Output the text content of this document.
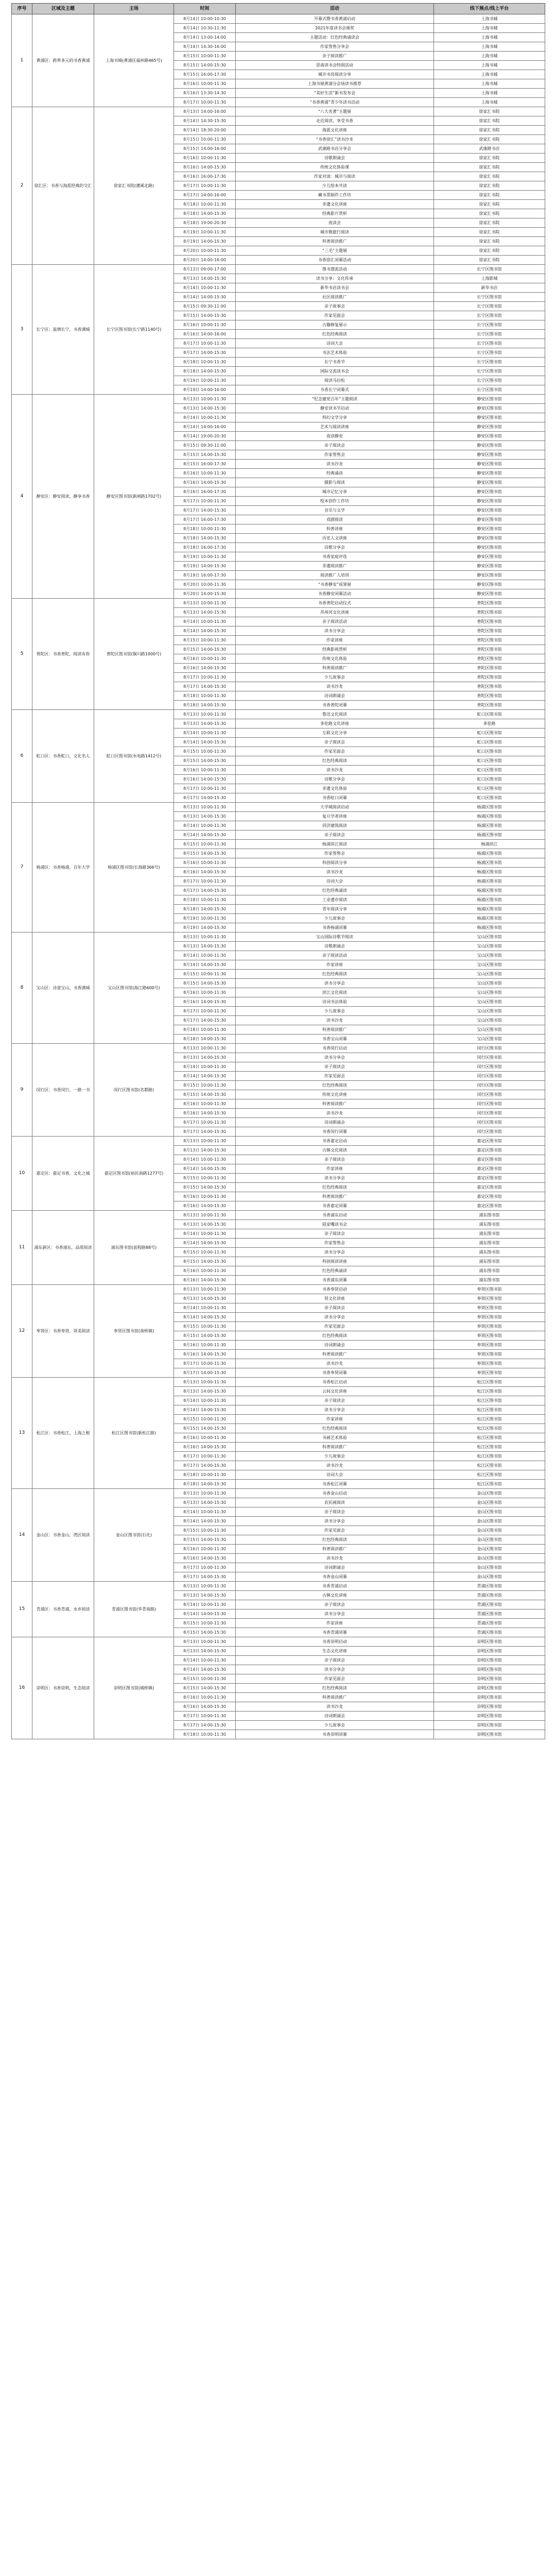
序号	区域及主题	主场	时间	活动	线下展点/线上平台
1	黄浦区：跨界多元的书香黄浦	上海书城(黄浦区福州路465号)	8月14日 10:00-10:30	开幕式暨书香黄浦启动	上海书城
			8月14日 10:30-11:30	2021年度读书会颁奖	上海书城
			8月14日 13:00-14:00	主题活动：红色经典诵读会	上海书城
			8月14日 14:30-16:00	作家签售分享会	上海书城
			8月15日 10:00-11:30	亲子阅读推广	上海书城
			8月15日 14:00-15:30	思南读书会特别活动	上海书城
			8月15日 16:00-17:30	城市书房阅读分享	上海书城
			8月16日 10:00-11:30	上海书展黄浦分会场读书推荐	上海书城
			8月16日 13:30-14:30	“美好生活”新书发布会	上海书城
			8月17日 10:00-11:30	“书香黄浦”青少年读书活动	上海书城
2	徐汇区：书香与海派经典的交汇	徐家汇书院(漕溪北路)	8月13日 14:00-16:00	“八大名著”主题展	徐家汇书院
			8月14日 14:30-15:30	走近阅读，享受书香	徐家汇书院
			8月14日 18:30-20:00	海派文化讲座	徐家汇书院
			8月15日 10:00-11:30	“书香徐汇”读书沙龙	徐家汇书院
			8月15日 14:00-16:00	武康路书店分享会	武康路书店
			8月16日 10:00-11:30	诗歌朗诵会	徐家汇书院
			8月16日 14:00-15:30	传统文化体验课	徐家汇书院
			8月16日 16:00-17:30	作家对谈：城市与阅读	徐家汇书院
			8月17日 10:00-11:30	少儿绘本共读	徐家汇书院
			8月17日 14:00-16:00	藏书票制作工作坊	徐家汇书院
			8月18日 10:00-11:30	非遗文化讲座	徐家汇书院
			8月18日 14:00-15:30	经典影片赏析	徐家汇书院
			8月18日 19:00-20:30	夜读会	徐家汇书院
			8月19日 10:00-11:30	城市微旅行阅读	徐家汇书院
			8月19日 14:00-15:30	科普阅读推广	徐家汇书院
			8月20日 10:00-11:30	“三毛”主题展	徐家汇书院
			8月20日 14:00-16:00	书香徐汇闭幕活动	徐家汇书院
3	长宁区：温情长宁，书香满城	长宁区图书馆(长宁路1140号)	8月13日 09:00-17:00	图书漂流活动	长宁区图书馆
			8月13日 14:00-15:30	读书分享：文化传承	上海影城
			8月14日 10:00-11:30	新华书店读书会	新华书店
			8月14日 14:00-15:30	社区阅读推广	长宁区图书馆
			8月15日 09:30-11:00	亲子故事会	长宁区图书馆
			8月15日 14:00-15:30	作家见面会	长宁区图书馆
			8月16日 10:00-11:30	古籍修复展示	长宁区图书馆
			8月16日 14:00-16:00	红色经典阅读	长宁区图书馆
			8月17日 10:00-11:30	诗词大会	长宁区图书馆
			8月17日 14:00-15:30	书法艺术体验	长宁区图书馆
			8月18日 10:00-11:30	长宁书香节	长宁区图书馆
			8月18日 14:00-15:30	国际交流读书会	长宁区图书馆
			8月19日 10:00-11:30	阅读马拉松	长宁区图书馆
			8月19日 14:00-16:00	书香长宁闭幕式	长宁区图书馆
4	静安区：静安阅读，静享书香	静安区图书馆(新闸路1702号)	8月13日 10:00-11:30	“纪念建党百年”主题阅读	静安区图书馆
			8月13日 14:00-15:30	静安读书节启动	静安区图书馆
			8月14日 10:00-11:30	科幻文学分享	静安区图书馆
			8月14日 14:00-16:00	艺术与阅读讲座	静安区图书馆
			8月14日 19:00-20:30	夜读静安	静安区图书馆
			8月15日 09:30-11:00	亲子阅读会	静安区图书馆
			8月15日 14:00-15:30	作家签售会	静安区图书馆
			8月15日 16:00-17:30	读书沙龙	静安区图书馆
			8月16日 10:00-11:30	经典诵读	静安区图书馆
			8月16日 14:00-15:30	摄影与阅读	静安区图书馆
			8月16日 16:00-17:30	城市记忆分享	静安区图书馆
			8月17日 10:00-11:30	绘本创作工作坊	静安区图书馆
			8月17日 14:00-15:30	音乐与文学	静安区图书馆
			8月17日 16:00-17:30	戏剧阅读	静安区图书馆
			8月18日 10:00-11:30	科普讲座	静安区图书馆
			8月18日 14:00-15:30	历史人文讲座	静安区图书馆
			8月18日 16:00-17:30	诗歌分享会	静安区图书馆
			8月19日 10:00-11:30	书香家庭评选	静安区图书馆
			8月19日 14:00-15:30	非遗阅读推广	静安区图书馆
			8月19日 16:00-17:30	阅读推广人培训	静安区图书馆
			8月20日 10:00-11:30	“书香静安”成果展	静安区图书馆
			8月20日 14:00-15:30	书香静安闭幕活动	静安区图书馆
5	普陀区：书香普陀，阅读有你	普陀区图书馆(铜川路1000号)	8月13日 10:00-11:30	书香普陀启动仪式	普陀区图书馆
			8月13日 14:00-15:30	苏州河文化讲座	普陀区图书馆
			8月14日 10:00-11:30	亲子阅读活动	普陀区图书馆
			8月14日 14:00-15:30	读书分享会	普陀区图书馆
			8月15日 10:00-11:30	作家讲座	普陀区图书馆
			8月15日 14:00-15:30	经典影视赏析	普陀区图书馆
			8月16日 10:00-11:30	传统文化体验	普陀区图书馆
			8月16日 14:00-15:30	科普阅读推广	普陀区图书馆
			8月17日 10:00-11:30	少儿故事会	普陀区图书馆
			8月17日 14:00-15:30	读书沙龙	普陀区图书馆
			8月18日 10:00-11:30	诗词朗诵会	普陀区图书馆
			8月18日 14:00-15:30	书香普陀闭幕	普陀区图书馆
6	虹口区：书香虹口，文化名人	虹口区图书馆(水电路1412号)	8月13日 10:00-11:30	鲁迅文化阅读	虹口区图书馆
			8月13日 14:00-15:30	多伦路文化讲座	多伦路
			8月14日 10:00-11:30	左联文化分享	虹口区图书馆
			8月14日 14:00-15:30	亲子阅读会	虹口区图书馆
			8月15日 10:00-11:30	作家见面会	虹口区图书馆
			8月15日 14:00-15:30	红色经典阅读	虹口区图书馆
			8月16日 10:00-11:30	读书沙龙	虹口区图书馆
			8月16日 14:00-15:30	诗歌分享会	虹口区图书馆
			8月17日 10:00-11:30	非遗文化体验	虹口区图书馆
			8月17日 14:00-15:30	书香虹口闭幕	虹口区图书馆
7	杨浦区：书香杨浦，百年大学	杨浦区图书馆(长海路366号)	8月13日 10:00-11:30	大学城阅读启动	杨浦区图书馆
			8月13日 14:00-15:30	复旦学者讲座	杨浦区图书馆
			8月14日 10:00-11:30	同济建筑阅读	杨浦区图书馆
			8月14日 14:00-15:30	亲子阅读会	杨浦区图书馆
			8月15日 10:00-11:30	杨浦滨江阅读	杨浦滨江
			8月15日 14:00-15:30	作家签售会	杨浦区图书馆
			8月16日 10:00-11:30	科创阅读分享	杨浦区图书馆
			8月16日 14:00-15:30	读书沙龙	杨浦区图书馆
			8月17日 10:00-11:30	诗词大会	杨浦区图书馆
			8月17日 14:00-15:30	红色经典诵读	杨浦区图书馆
			8月18日 10:00-11:30	工业遗存阅读	杨浦区图书馆
			8月18日 14:00-15:30	青年阅读分享	杨浦区图书馆
			8月19日 10:00-11:30	少儿故事会	杨浦区图书馆
			8月19日 14:00-15:30	书香杨浦闭幕	杨浦区图书馆
8	宝山区：诗意宝山，书香满城	宝山区图书馆(海江路600号)	8月13日 10:00-11:30	宝山国际诗歌节阅读	宝山区图书馆
			8月13日 14:00-15:30	诗歌朗诵会	宝山区图书馆
			8月14日 10:00-11:30	亲子阅读活动	宝山区图书馆
			8月14日 14:00-15:30	作家讲座	宝山区图书馆
			8月15日 10:00-11:30	红色经典阅读	宝山区图书馆
			8月15日 14:00-15:30	读书分享会	宝山区图书馆
			8月16日 10:00-11:30	滨江文化阅读	宝山区图书馆
			8月16日 14:00-15:30	诗词书法体验	宝山区图书馆
			8月17日 10:00-11:30	少儿故事会	宝山区图书馆
			8月17日 14:00-15:30	读书沙龙	宝山区图书馆
			8月18日 10:00-11:30	科普阅读推广	宝山区图书馆
			8月18日 14:00-15:30	书香宝山闭幕	宝山区图书馆
9	闵行区：书香闵行，一路一书	闵行区图书馆(名都路)	8月13日 10:00-11:30	书香闵行启动	闵行区图书馆
			8月13日 14:00-15:30	读书分享会	闵行区图书馆
			8月14日 10:00-11:30	亲子阅读会	闵行区图书馆
			8月14日 14:00-15:30	作家见面会	闵行区图书馆
			8月15日 10:00-11:30	红色经典阅读	闵行区图书馆
			8月15日 14:00-15:30	传统文化讲座	闵行区图书馆
			8月16日 10:00-11:30	科普阅读推广	闵行区图书馆
			8月16日 14:00-15:30	读书沙龙	闵行区图书馆
			8月17日 10:00-11:30	诗词朗诵会	闵行区图书馆
			8月17日 14:00-15:30	书香闵行闭幕	闵行区图书馆
10	嘉定区：嘉定书香，文化之城	嘉定区图书馆(裕民南路1277号)	8月13日 10:00-11:30	书香嘉定启动	嘉定区图书馆
			8月13日 14:00-15:30	古镇文化阅读	嘉定区图书馆
			8月14日 10:00-11:30	亲子阅读会	嘉定区图书馆
			8月14日 14:00-15:30	作家讲座	嘉定区图书馆
			8月15日 10:00-11:30	读书分享会	嘉定区图书馆
			8月15日 14:00-15:30	红色经典阅读	嘉定区图书馆
			8月16日 10:00-11:30	科普阅读推广	嘉定区图书馆
			8月16日 14:00-15:30	书香嘉定闭幕	嘉定区图书馆
11	浦东新区：书香浦东，品质阅读	浦东图书馆(前程路88号)	8月13日 10:00-11:30	书香浦东启动	浦东图书馆
			8月13日 14:00-15:30	陆家嘴读书会	浦东图书馆
			8月14日 10:00-11:30	亲子阅读会	浦东图书馆
			8月14日 14:00-15:30	作家签售会	浦东图书馆
			8月15日 10:00-11:30	读书分享会	浦东图书馆
			8月15日 14:00-15:30	科创阅读讲座	浦东图书馆
			8月16日 10:00-11:30	红色经典诵读	浦东图书馆
			8月16日 14:00-15:30	书香浦东闭幕	浦东图书馆
12	奉贤区：书香奉贤，贤美阅读	奉贤区图书馆(南桥镇)	8月13日 10:00-11:30	书香奉贤启动	奉贤区图书馆
			8月13日 14:00-15:30	贤文化讲座	奉贤区图书馆
			8月14日 10:00-11:30	亲子阅读会	奉贤区图书馆
			8月14日 14:00-15:30	读书分享会	奉贤区图书馆
			8月15日 10:00-11:30	作家见面会	奉贤区图书馆
			8月15日 14:00-15:30	红色经典阅读	奉贤区图书馆
			8月16日 10:00-11:30	诗词朗诵会	奉贤区图书馆
			8月16日 14:00-15:30	科普阅读推广	奉贤区图书馆
			8月17日 10:00-11:30	读书沙龙	奉贤区图书馆
			8月17日 14:00-15:30	书香奉贤闭幕	奉贤区图书馆
13	松江区：书香松江，上海之根	松江区图书馆(新松江路)	8月13日 10:00-11:30	书香松江启动	松江区图书馆
			8月13日 14:00-15:30	云间文化讲座	松江区图书馆
			8月14日 10:00-11:30	亲子阅读会	松江区图书馆
			8月14日 14:00-15:30	读书分享会	松江区图书馆
			8月15日 10:00-11:30	作家讲座	松江区图书馆
			8月15日 14:00-15:30	红色经典阅读	松江区图书馆
			8月16日 10:00-11:30	书画艺术体验	松江区图书馆
			8月16日 14:00-15:30	科普阅读推广	松江区图书馆
			8月17日 10:00-11:30	少儿故事会	松江区图书馆
			8月17日 14:00-15:30	读书沙龙	松江区图书馆
			8月18日 10:00-11:30	诗词大会	松江区图书馆
			8月18日 14:00-15:30	书香松江闭幕	松江区图书馆
14	金山区：书香金山，湾区阅读	金山区图书馆(石化)	8月13日 10:00-11:30	书香金山启动	金山区图书馆
			8月13日 14:00-15:30	农民画阅读	金山区图书馆
			8月14日 10:00-11:30	亲子阅读会	金山区图书馆
			8月14日 14:00-15:30	读书分享会	金山区图书馆
			8月15日 10:00-11:30	作家见面会	金山区图书馆
			8月15日 14:00-15:30	红色经典阅读	金山区图书馆
			8月16日 10:00-11:30	科普阅读推广	金山区图书馆
			8月16日 14:00-15:30	读书沙龙	金山区图书馆
			8月17日 10:00-11:30	诗词朗诵会	金山区图书馆
			8月17日 14:00-15:30	书香金山闭幕	金山区图书馆
15	青浦区：书香青浦，水乡阅读	青浦区图书馆(华青南路)	8月13日 10:00-11:30	书香青浦启动	青浦区图书馆
			8月13日 14:00-15:30	古镇文化讲座	青浦区图书馆
			8月14日 10:00-11:30	亲子阅读会	青浦区图书馆
			8月14日 14:00-15:30	读书分享会	青浦区图书馆
			8月15日 10:00-11:30	作家讲座	青浦区图书馆
			8月15日 14:00-15:30	书香青浦闭幕	青浦区图书馆
16	崇明区：书香崇明，生态阅读	崇明区图书馆(城桥镇)	8月13日 10:00-11:30	书香崇明启动	崇明区图书馆
			8月13日 14:00-15:30	生态文化讲座	崇明区图书馆
			8月14日 10:00-11:30	亲子阅读会	崇明区图书馆
			8月14日 14:00-15:30	读书分享会	崇明区图书馆
			8月15日 10:00-11:30	作家见面会	崇明区图书馆
			8月15日 14:00-15:30	红色经典阅读	崇明区图书馆
			8月16日 10:00-11:30	科普阅读推广	崇明区图书馆
			8月16日 14:00-15:30	读书沙龙	崇明区图书馆
			8月17日 10:00-11:30	诗词朗诵会	崇明区图书馆
			8月17日 14:00-15:30	少儿故事会	崇明区图书馆
			8月18日 10:00-11:30	书香崇明闭幕	崇明区图书馆
